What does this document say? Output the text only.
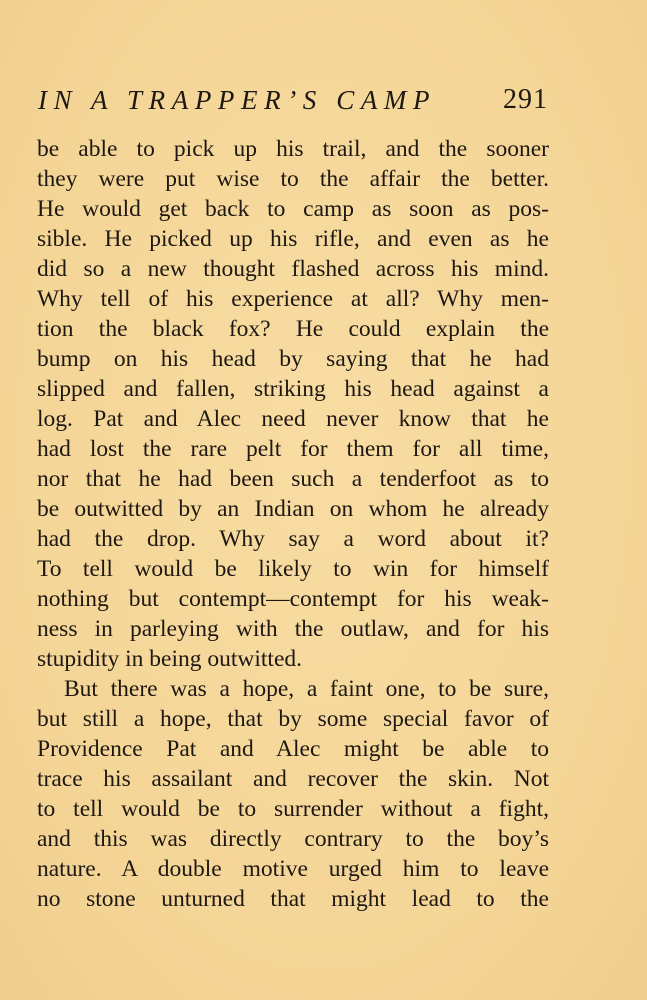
IN A TRAPPER’S CAMP 291
be able to pick up his trail, and the sooner
they were put wise to the affair the better.
He would get back to camp as soon as pos-
sible. He picked up his rifle, and even as he
did so a new thought flashed across his mind.
Why tell of his experience at all? Why men-
tion the black fox? He could explain the
bump on his head by saying that he had
slipped and fallen, striking his head against a
log. Pat and Alec need never know that he
had lost the rare pelt for them for all time,
nor that he had been such a tenderfoot as to
be outwitted by an Indian on whom he already
had the drop. Why say a word about it?
To tell would be likely to win for himself
nothing but contempt—contempt for his weak-
ness in parleying with the outlaw, and for his
stupidity in being outwitted.
But there was a hope, a faint one, to be sure,
but still a hope, that by some special favor of
Providence Pat and Alec might be able to
trace his assailant and recover the skin. Not
to tell would be to surrender without a fight,
and this was directly contrary to the boy’s
nature. A double motive urged him to leave
no stone unturned that might lead to the
